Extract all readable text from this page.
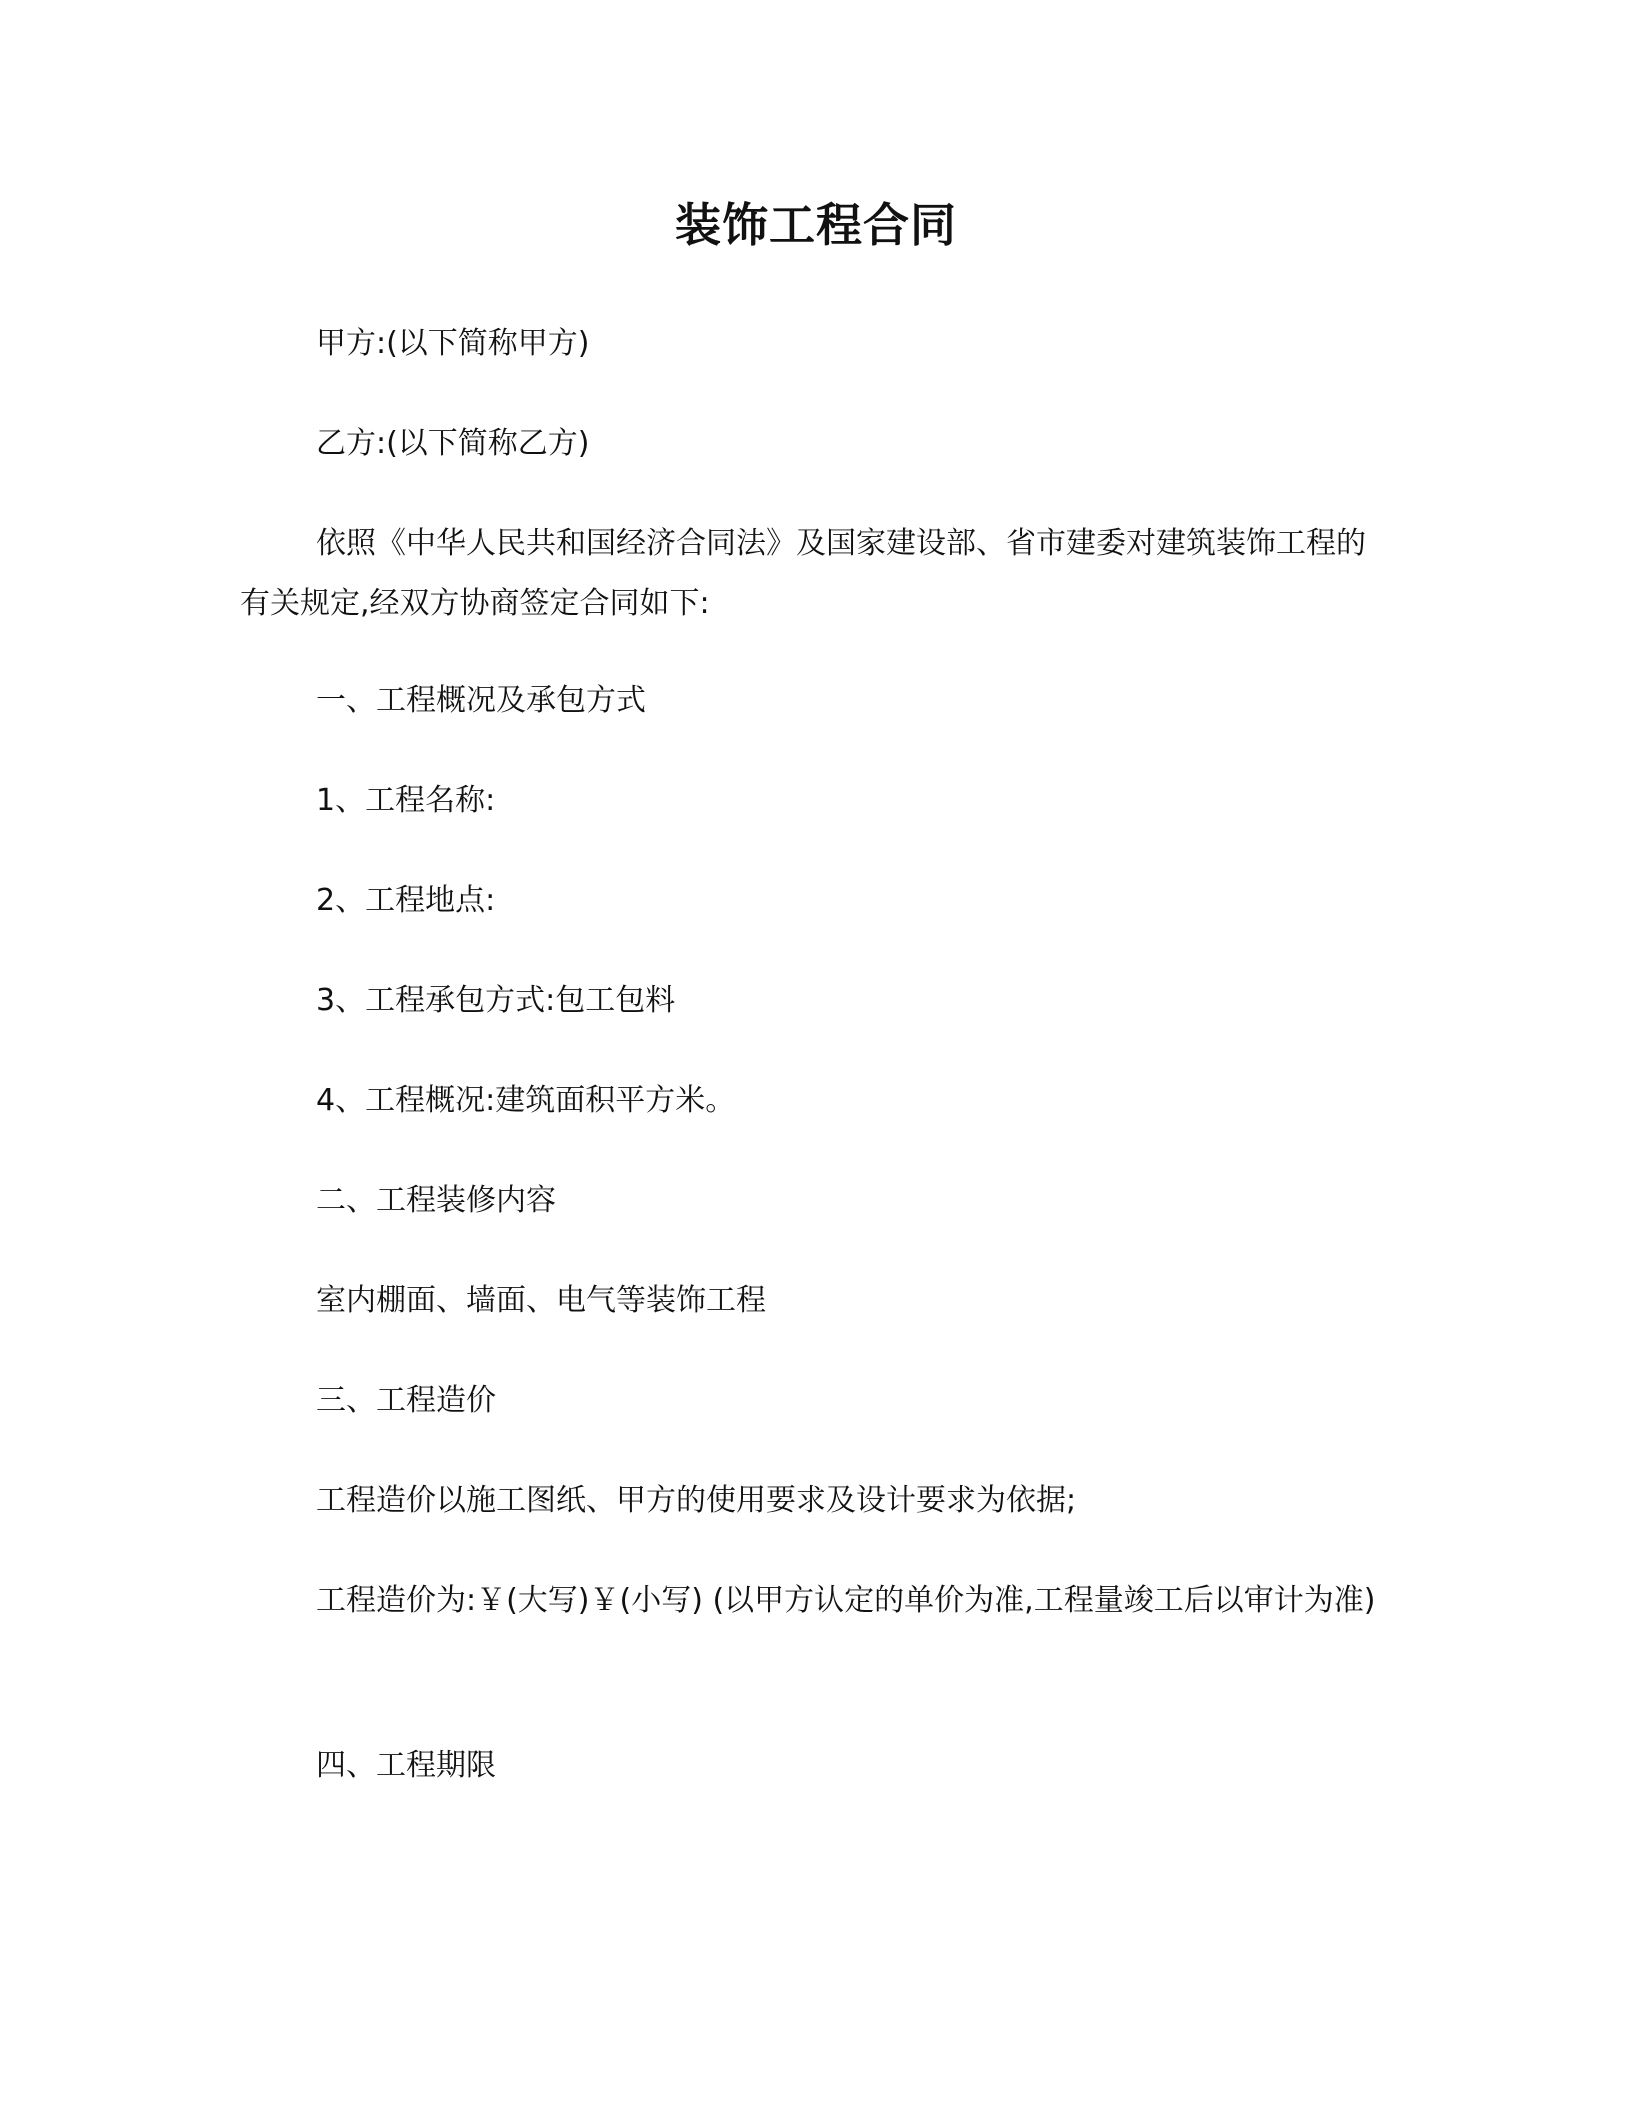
装饰工程合同
甲方:(以下简称甲方)
乙方:(以下简称乙方)
依照《中华人民共和国经济合同法》及国家建设部、省市建委对建筑装饰工程的有关规定,经双方协商签定合同如下:
一、工程概况及承包方式
1、工程名称:
2、工程地点:
3、工程承包方式:包工包料
4、工程概况:建筑面积平方米。
二、工程装修内容
室内棚面、墙面、电气等装饰工程
三、工程造价
工程造价以施工图纸、甲方的使用要求及设计要求为依据;
工程造价为:￥(大写)￥(小写) (以甲方认定的单价为准,工程量竣工后以审计为准)
四、工程期限
